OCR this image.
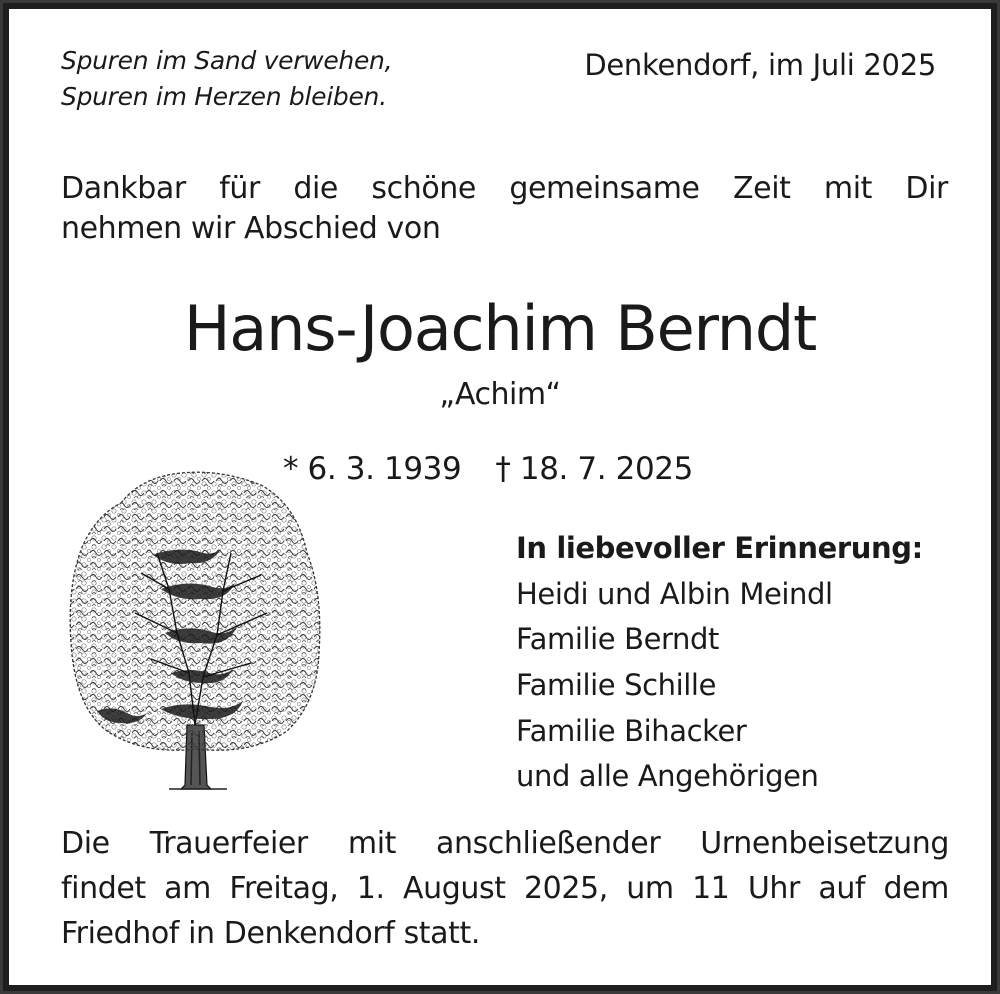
Spuren im Sand verwehen,
Spuren im Herzen bleiben.
Denkendorf, im Juli 2025
Dankbar für die schöne gemeinsame Zeit mit Dir
nehmen wir Abschied von
Hans-Joachim Berndt
„Achim“
* 6. 3. 1939 † 18. 7. 2025
In liebevoller Erinnerung:
Heidi und Albin Meindl
Familie Berndt
Familie Schille
Familie Bihacker
und alle Angehörigen
Die Trauerfeier mit anschließender Urnenbeisetzung
findet am Freitag, 1. August 2025, um 11 Uhr auf dem
Friedhof in Denkendorf statt.
